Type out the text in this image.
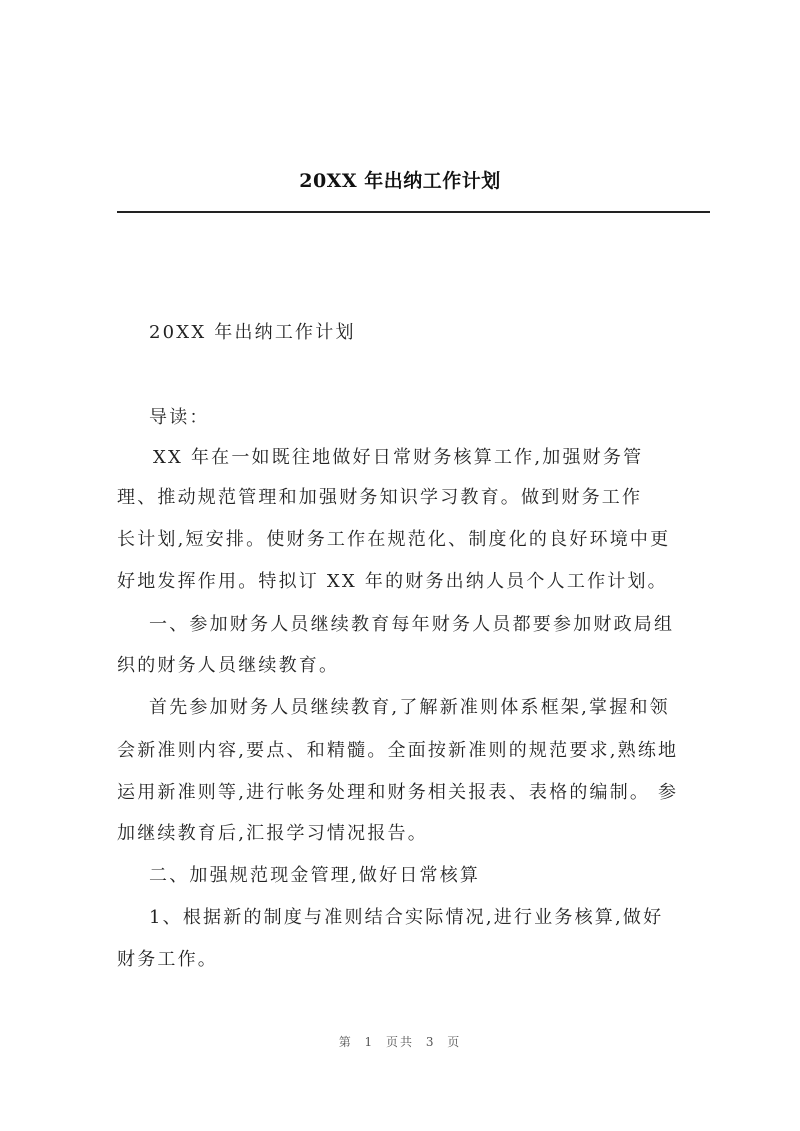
20XX 年出纳工作计划
20XX 年出纳工作计划
导读：
XX 年在一如既往地做好日常财务核算工作,加强财务管
理、推动规范管理和加强财务知识学习教育。做到财务工作
长计划,短安排。使财务工作在规范化、制度化的良好环境中更
好地发挥作用。特拟订 XX 年的财务出纳人员个人工作计划。
一、参加财务人员继续教育每年财务人员都要参加财政局组
织的财务人员继续教育。
首先参加财务人员继续教育,了解新准则体系框架,掌握和领
会新准则内容,要点、和精髓。全面按新准则的规范要求,熟练地
运用新准则等,进行帐务处理和财务相关报表、表格的编制。 参
加继续教育后,汇报学习情况报告。
二、加强规范现金管理,做好日常核算
1、根据新的制度与准则结合实际情况,进行业务核算,做好
财务工作。
第 1 页共 3 页
